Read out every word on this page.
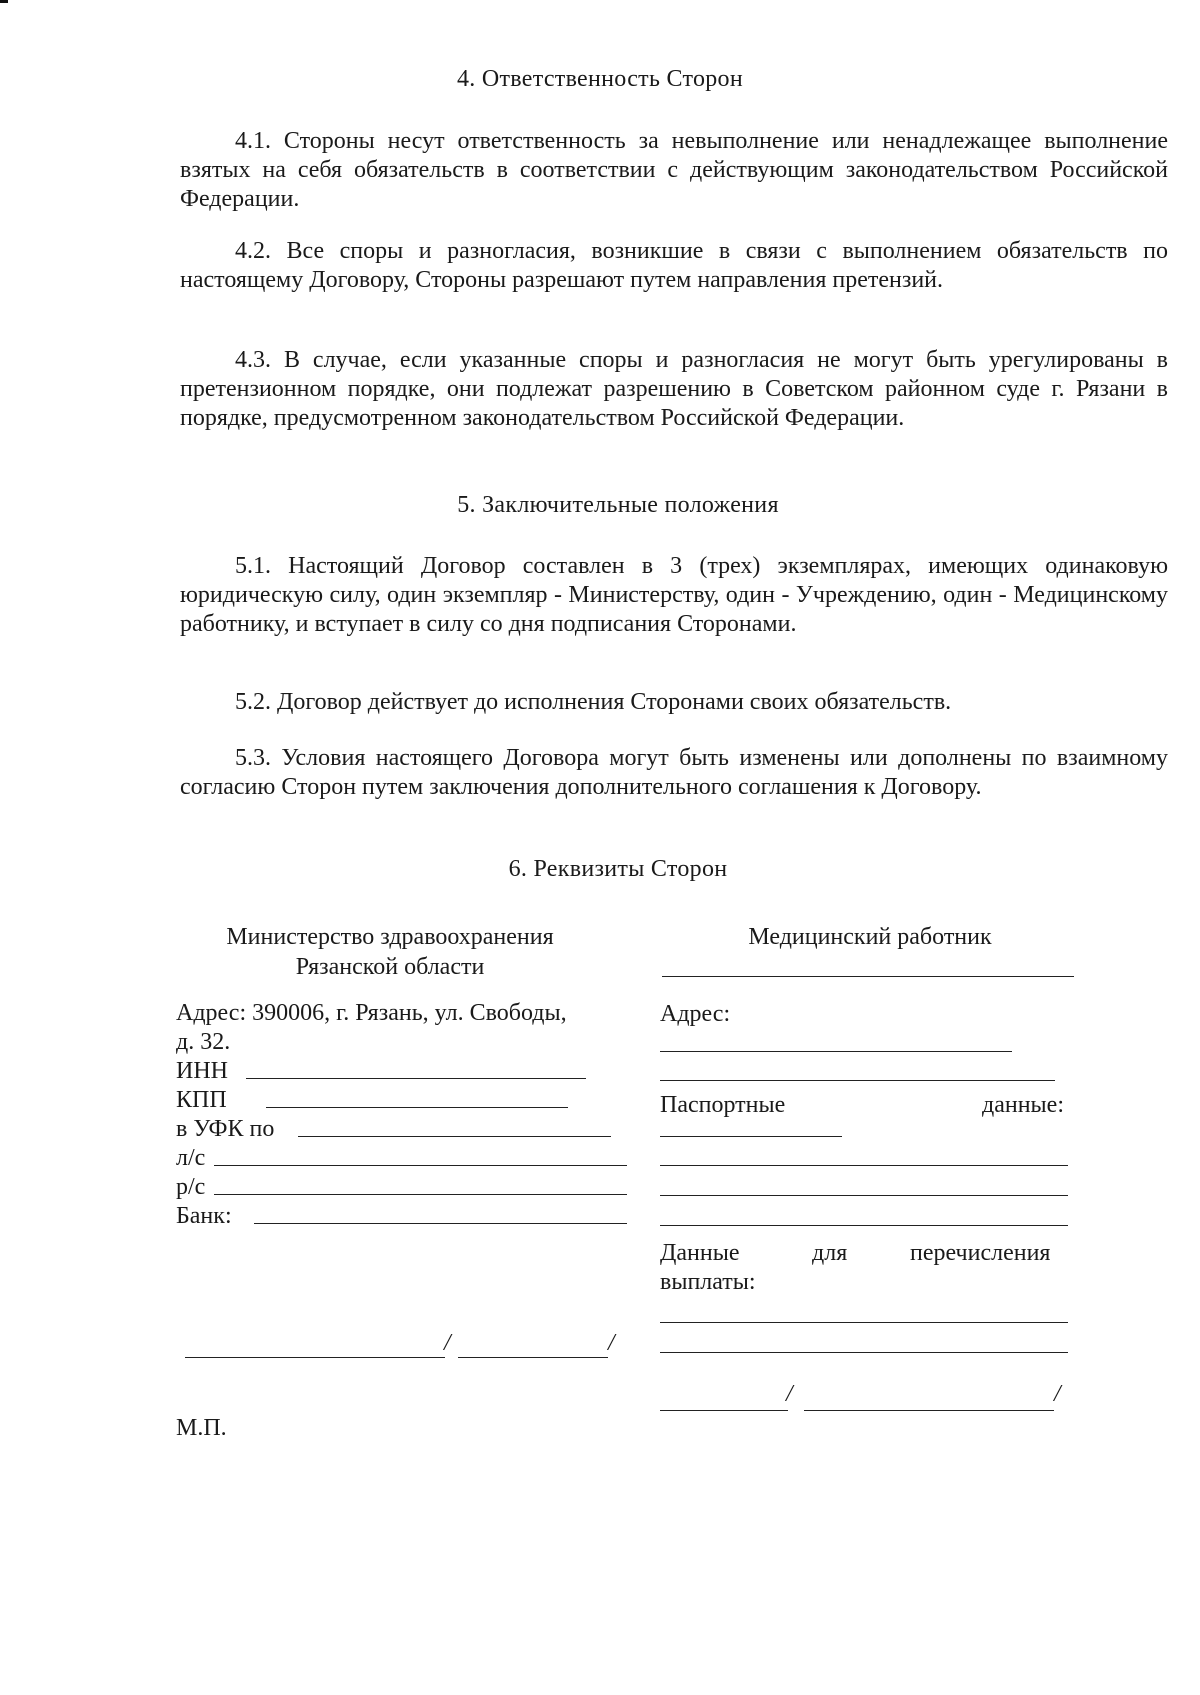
4. Ответственность Сторон

4.1. Стороны несут ответственность за невыполнение или ненадлежащее выполнение взятых на себя обязательств в соответствии с действующим законодательством Российской Федерации.

4.2. Все споры и разногласия, возникшие в связи с выполнением обязательств по настоящему Договору, Стороны разрешают путем направления претензий.

4.3. В случае, если указанные споры и разногласия не могут быть урегулированы в претензионном порядке, они подлежат разрешению в Советском районном суде г. Рязани в порядке, предусмотренном законодательством Российской Федерации.

5. Заключительные положения

5.1. Настоящий Договор составлен в 3 (трех) экземплярах, имеющих одинаковую юридическую силу, один экземпляр - Министерству, один - Учреждению, один - Медицинскому работнику, и вступает в силу со дня подписания Сторонами.

5.2. Договор действует до исполнения Сторонами своих обязательств.

5.3. Условия настоящего Договора могут быть изменены или дополнены по взаимному согласию Сторон путем заключения дополнительного соглашения к Договору.

6. Реквизиты Сторон
Министерство здравоохранения
Рязанской области
Адрес: 390006, г. Рязань, ул. Свободы,
д. 32.
ИНН
КПП
в УФК по
л/с
р/с
Банк:
/	/
М.П.
Медицинский работник
Адрес:
Паспортные	данные:
Данные	для	перечисления
выплаты:
/	/
